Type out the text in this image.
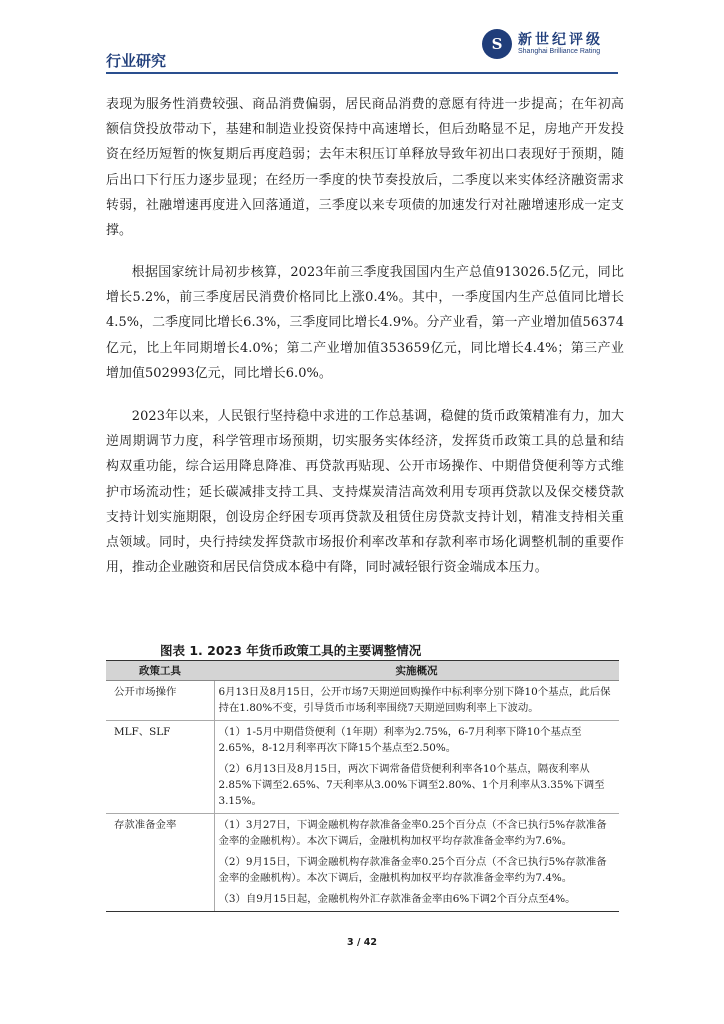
行业研究
S	新世纪评级
Shanghai Brilliance Rating

表现为服务性消费较强、商品消费偏弱，居民商品消费的意愿有待进一步提高；在年初高额信贷投放带动下，基建和制造业投资保持中高速增长，但后劲略显不足，房地产开发投资在经历短暂的恢复期后再度趋弱；去年末积压订单释放导致年初出口表现好于预期，随后出口下行压力逐步显现；在经历一季度的快节奏投放后，二季度以来实体经济融资需求转弱，社融增速再度进入回落通道，三季度以来专项债的加速发行对社融增速形成一定支撑。

根据国家统计局初步核算，2023年前三季度我国国内生产总值913026.5亿元，同比增长5.2%，前三季度居民消费价格同比上涨0.4%。其中，一季度国内生产总值同比增长4.5%，二季度同比增长6.3%，三季度同比增长4.9%。分产业看，第一产业增加值56374亿元，比上年同期增长4.0%；第二产业增加值353659亿元，同比增长4.4%；第三产业增加值502993亿元，同比增长6.0%。

2023年以来，人民银行坚持稳中求进的工作总基调，稳健的货币政策精准有力，加大逆周期调节力度，科学管理市场预期，切实服务实体经济，发挥货币政策工具的总量和结构双重功能，综合运用降息降准、再贷款再贴现、公开市场操作、中期借贷便利等方式维护市场流动性；延长碳减排支持工具、支持煤炭清洁高效利用专项再贷款以及保交楼贷款支持计划实施期限，创设房企纾困专项再贷款及租赁住房贷款支持计划，精准支持相关重点领域。同时，央行持续发挥贷款市场报价利率改革和存款利率市场化调整机制的重要作用，推动企业融资和居民信贷成本稳中有降，同时减轻银行资金端成本压力。

图表 1. 2023 年货币政策工具的主要调整情况
政策工具	实施概况
公开市场操作	6月13日及8月15日，公开市场7天期逆回购操作中标利率分别下降10个基点，此后保持在1.80%不变，引导货币市场利率围绕7天期逆回购利率上下波动。

MLF、SLF	（1）1-5月中期借贷便利（1年期）利率为2.75%，6-7月利率下降10个基点至2.65%，8-12月利率再次下降15个基点至2.50%。
（2）6月13日及8月15日，两次下调常备借贷便利利率各10个基点，隔夜利率从2.85%下调至2.65%、7天利率从3.00%下调至2.80%、1个月利率从3.35%下调至3.15%。

存款准备金率	（1）3月27日，下调金融机构存款准备金率0.25个百分点（不含已执行5%存款准备金率的金融机构）。本次下调后，金融机构加权平均存款准备金率约为7.6%。
（2）9月15日，下调金融机构存款准备金率0.25个百分点（不含已执行5%存款准备金率的金融机构）。本次下调后，金融机构加权平均存款准备金率约为7.4%。
（3）自9月15日起，金融机构外汇存款准备金率由6%下调2个百分点至4%。
3 / 42
